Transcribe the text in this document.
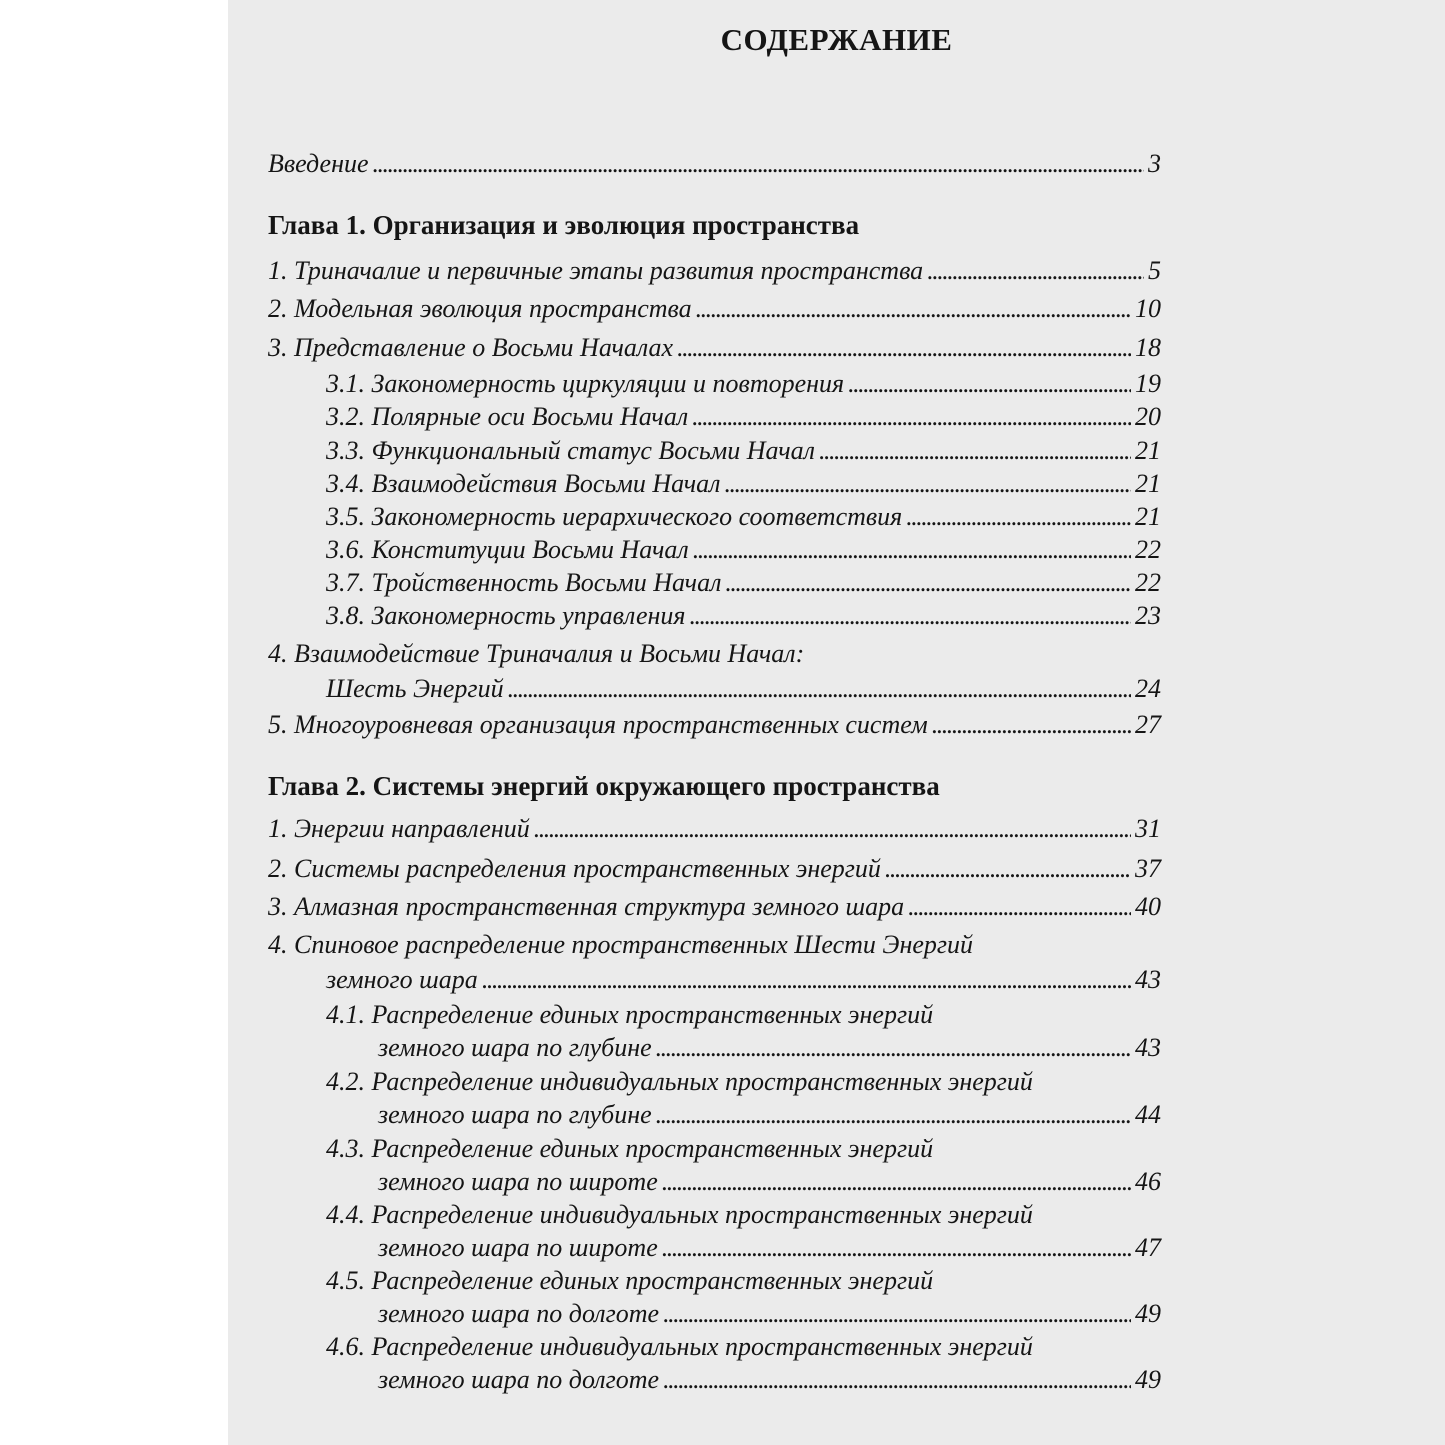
СОДЕРЖАНИЕ
Введение . . .	3
Глава 1. Организация и эволюция пространства
1. Триначалие и первичные этапы развития пространства . . .	5
2. Модельная эволюция пространства . . .	10
3. Представление о Восьми Началах . . .	18
3.1. Закономерность циркуляции и повторения . . .	19
3.2. Полярные оси Восьми Начал . . .	20
3.3. Функциональный статус Восьми Начал . . .	21
3.4. Взаимодействия Восьми Начал . . .	21
3.5. Закономерность иерархического соответствия . . .	21
3.6. Конституции Восьми Начал . . .	22
3.7. Тройственность Восьми Начал . . .	22
3.8. Закономерность управления . . .	23
4. Взаимодействие Триначалия и Восьми Начал:
Шесть Энергий . . .	24
5. Многоуровневая организация пространственных систем . . .	27
Глава 2. Системы энергий окружающего пространства
1. Энергии направлений . . .	31
2. Системы распределения пространственных энергий . . .	37
3. Алмазная пространственная структура земного шара . . .	40
4. Спиновое распределение пространственных Шести Энергий
земного шара . . .	43
4.1. Распределение единых пространственных энергий
земного шара по глубине . . .	43
4.2. Распределение индивидуальных пространственных энергий
земного шара по глубине . . .	44
4.3. Распределение единых пространственных энергий
земного шара по широте . . .	46
4.4. Распределение индивидуальных пространственных энергий
земного шара по широте . . .	47
4.5. Распределение единых пространственных энергий
земного шара по долготе . . .	49
4.6. Распределение индивидуальных пространственных энергий
земного шара по долготе . . .	49
